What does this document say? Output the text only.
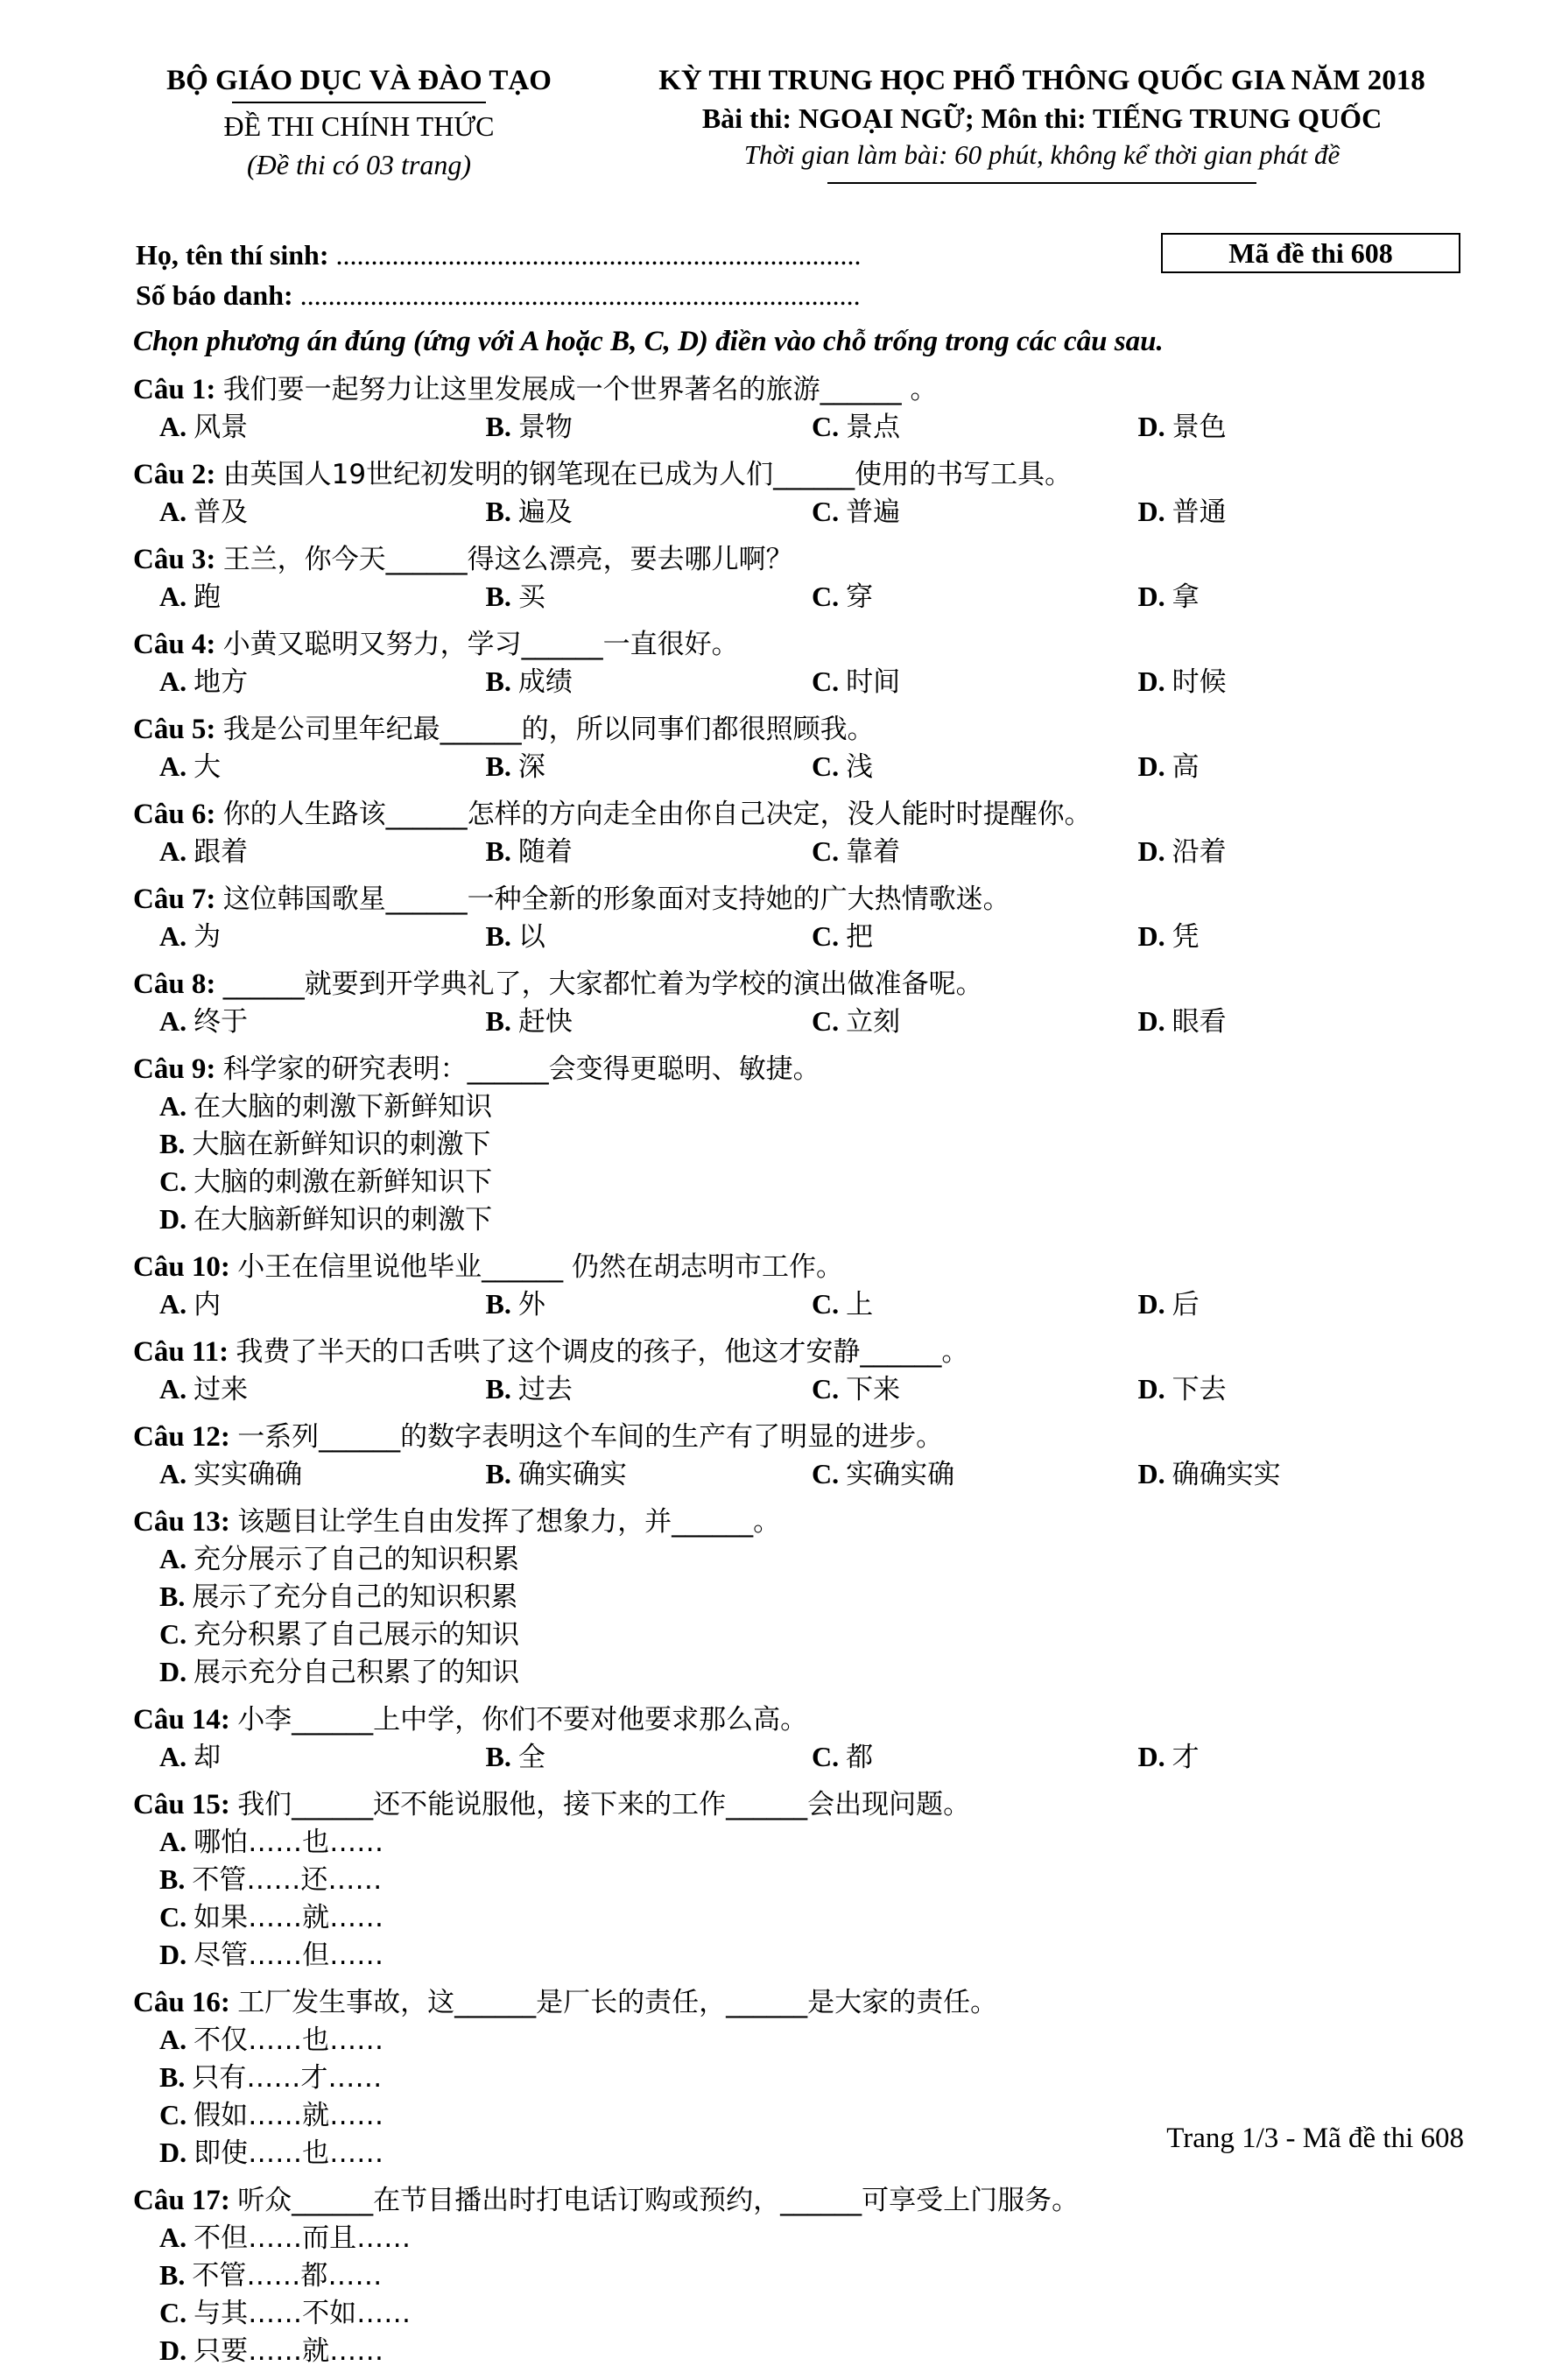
BỘ GIÁO DỤC VÀ ĐÀO TẠO
ĐỀ THI CHÍNH THỨC
(Đề thi có 03 trang)
KỲ THI TRUNG HỌC PHỔ THÔNG QUỐC GIA NĂM 2018
Bài thi: NGOẠI NGỮ; Môn thi: TIẾNG TRUNG QUỐC
Thời gian làm bài: 60 phút, không kể thời gian phát đề
Họ, tên thí sinh: ...........................................................................
Số báo danh: ................................................................................
Mã đề thi 608
Chọn phương án đúng (ứng với A hoặc B, C, D) điền vào chỗ trống trong các câu sau.
Câu 1: 我们要一起努力让这里发展成一个世界著名的旅游______ 。
A. 风景	B. 景物	C. 景点	D. 景色
Câu 2: 由英国人19世纪初发明的钢笔现在已成为人们______使用的书写工具。
A. 普及	B. 遍及	C. 普遍	D. 普通
Câu 3: 王兰，你今天______得这么漂亮，要去哪儿啊？
A. 跑	B. 买	C. 穿	D. 拿
Câu 4: 小黄又聪明又努力，学习______一直很好。
A. 地方	B. 成绩	C. 时间	D. 时候
Câu 5: 我是公司里年纪最______的，所以同事们都很照顾我。
A. 大	B. 深	C. 浅	D. 高
Câu 6: 你的人生路该______怎样的方向走全由你自己决定，没人能时时提醒你。
A. 跟着	B. 随着	C. 靠着	D. 沿着
Câu 7: 这位韩国歌星______一种全新的形象面对支持她的广大热情歌迷。
A. 为	B. 以	C. 把	D. 凭
Câu 8: ______就要到开学典礼了，大家都忙着为学校的演出做准备呢。
A. 终于	B. 赶快	C. 立刻	D. 眼看
Câu 9: 科学家的研究表明：______会变得更聪明、敏捷。
A. 在大脑的刺激下新鲜知识
B. 大脑在新鲜知识的刺激下
C. 大脑的刺激在新鲜知识下
D. 在大脑新鲜知识的刺激下
Câu 10: 小王在信里说他毕业______ 仍然在胡志明市工作。
A. 内	B. 外	C. 上	D. 后
Câu 11: 我费了半天的口舌哄了这个调皮的孩子，他这才安静______。
A. 过来	B. 过去	C. 下来	D. 下去
Câu 12: 一系列______的数字表明这个车间的生产有了明显的进步。
A. 实实确确	B. 确实确实	C. 实确实确	D. 确确实实
Câu 13: 该题目让学生自由发挥了想象力，并______。
A. 充分展示了自己的知识积累
B. 展示了充分自己的知识积累
C. 充分积累了自己展示的知识
D. 展示充分自己积累了的知识
Câu 14: 小李______上中学，你们不要对他要求那么高。
A. 却	B. 全	C. 都	D. 才
Câu 15: 我们______还不能说服他，接下来的工作______会出现问题。
A. 哪怕……也……
B. 不管……还……
C. 如果……就……
D. 尽管……但……
Câu 16: 工厂发生事故，这______是厂长的责任，______是大家的责任。
A. 不仅……也……
B. 只有……才……
C. 假如……就……
D. 即使……也……
Câu 17: 听众______在节目播出时打电话订购或预约，______可享受上门服务。
A. 不但……而且……
B. 不管……都……
C. 与其……不如……
D. 只要……就……
Trang 1/3 - Mã đề thi 608
